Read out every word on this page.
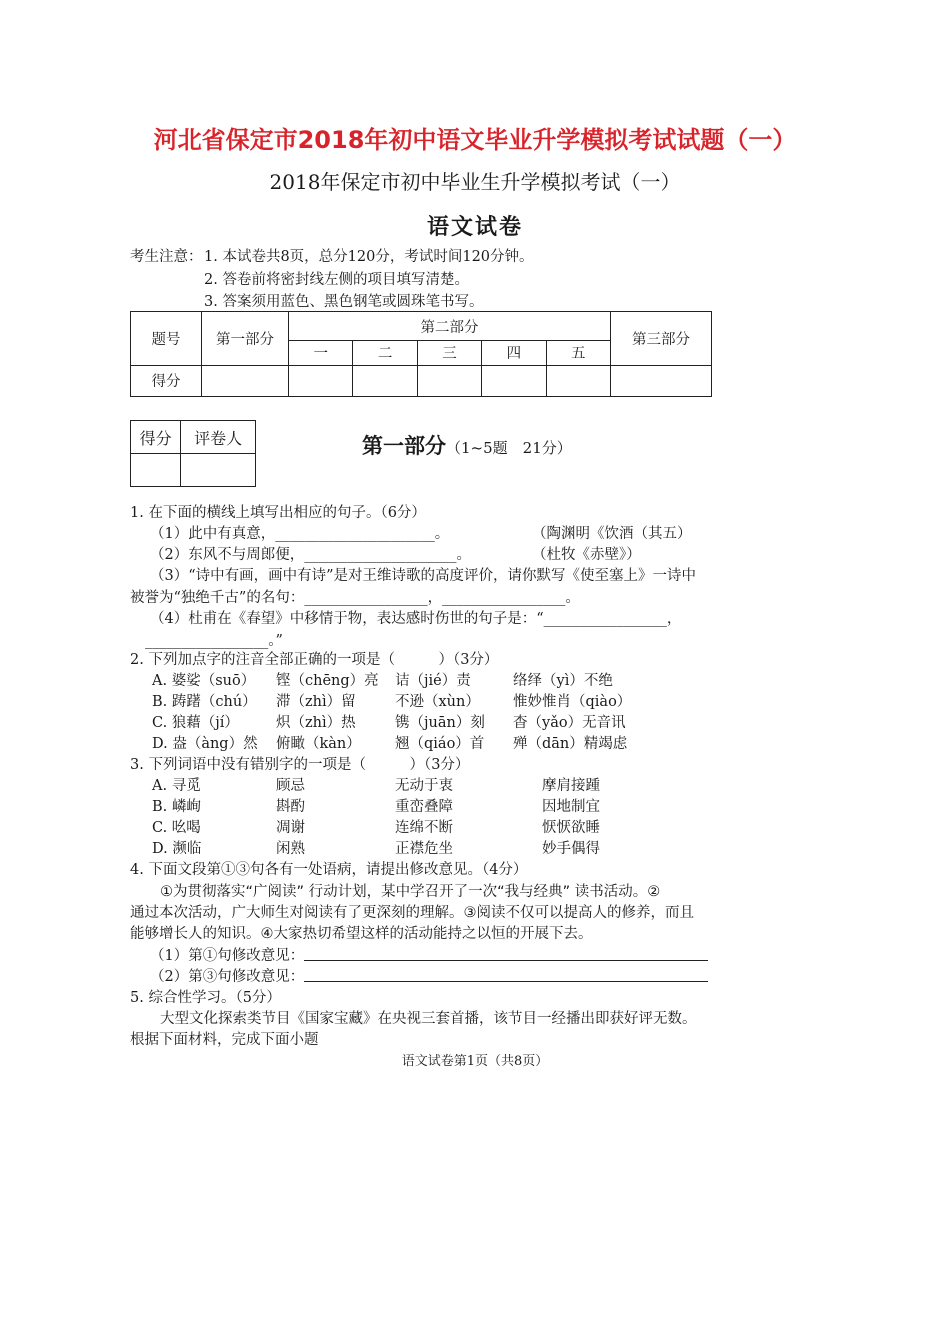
河北省保定市2018年初中语文毕业升学模拟考试试题（一）
2018年保定市初中毕业生升学模拟考试（一）
语文试卷
考生注意： 1. 本试卷共8页，总分120分，考试时间120分钟。
2. 答卷前将密封线左侧的项目填写清楚。
3. 答案须用蓝色、黑色钢笔或圆珠笔书写。
题号	第一部分	第二部分					第三部分
		一	二	三	四	五	
得分							
得分	评卷人
		第一部分（1~5题　21分）
1. 在下面的横线上填写出相应的句子。（6分）
（1）此中有真意，______________________。	（陶渊明《饮酒（其五）
（2）东风不与周郎便，_____________________。	（杜牧《赤壁》）
（3）“诗中有画，画中有诗”是对王维诗歌的高度评价，请你默写《使至塞上》一诗中
被誉为“独绝千古”的名句：_________________，_________________。
（4）杜甫在《春望》中移情于物，表达感时伤世的句子是：“_________________，
_________________。”
2. 下列加点字的注音全部正确的一项是（　　　）（3分）
A. 婆娑（suō） 铿（chēng）亮 诘（jié）责	络绎（yì）不绝
B. 踌躇（chú） 滞（zhì）留	不逊（xùn） 惟妙惟肖（qiào）
C. 狼藉（jí）	炽（zhì）热	镌（juān）刻 杳（yǎo）无音讯
D. 盎（àng）然 俯瞰（kàn） 翘（qiáo）首 殚（dān）精竭虑
3. 下列词语中没有错别字的一项是（　　　）（3分）
A. 寻觅	顾忌	无动于衷	摩肩接踵
B. 嶙峋	斟酌	重峦叠障	因地制宜
C. 吆喝	凋谢	连绵不断	恹恹欲睡
D. 濒临	闲熟	正襟危坐	妙手偶得
4. 下面文段第①③句各有一处语病，请提出修改意见。（4分）
①为贯彻落实“广阅读” 行动计划，某中学召开了一次“我与经典” 读书活动。②
通过本次活动，广大师生对阅读有了更深刻的理解。③阅读不仅可以提高人的修养，而且
能够增长人的知识。④大家热切希望这样的活动能持之以恒的开展下去。
（1）第①句修改意见：
（2）第③句修改意见：
5. 综合性学习。（5分）
大型文化探索类节目《国家宝藏》在央视三套首播，该节目一经播出即获好评无数。
根据下面材料，完成下面小题
语文试卷第1页（共8页）
